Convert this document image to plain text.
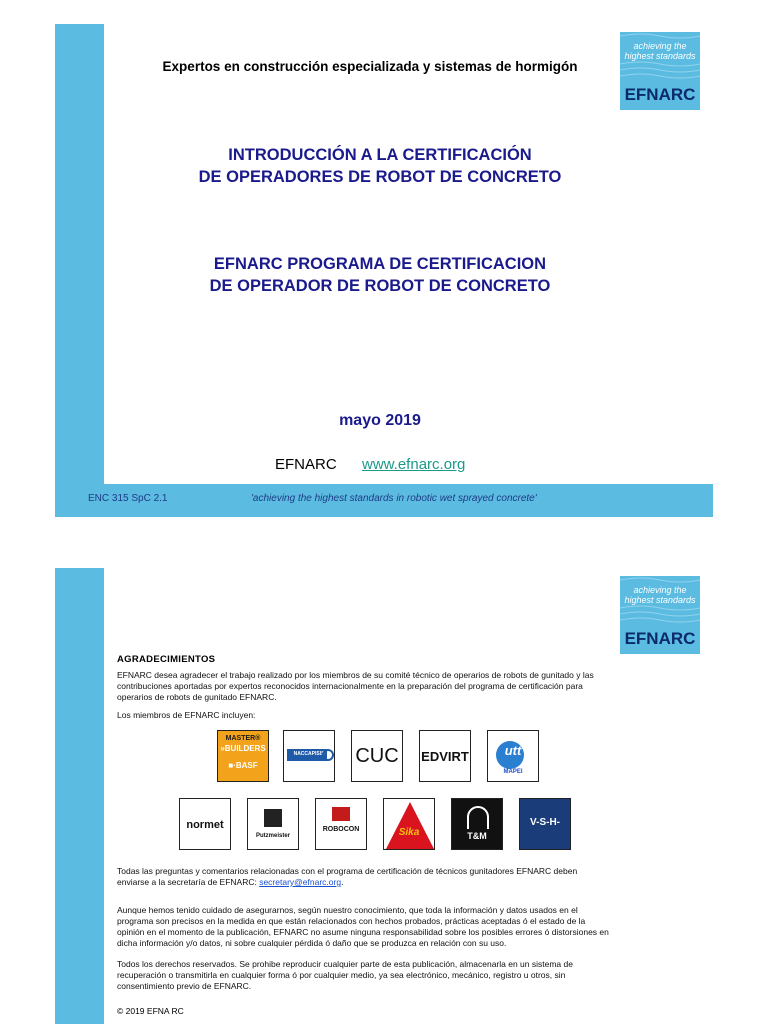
Expertos en construcción especializada y sistemas de hormigón
achieving the
highest standards
EFNARC
INTRODUCCIÓN A LA CERTIFICACIÓN
DE OPERADORES DE ROBOT DE CONCRETO
EFNARC PROGRAMA DE CERTIFICACION
DE OPERADOR DE ROBOT DE CONCRETO
mayo 2019
EFNARC www.efnarc.org
ENC 315 SpC 2.1	'achieving the highest standards in robotic wet sprayed concrete'
achieving the
highest standards
EFNARC
AGRADECIMIENTOS
EFNARC desea agradecer el trabajo realizado por los miembros de su comité técnico de operarios de robots de gunitado y las contribuciones aportadas por expertos reconocidos internacionalmente en la preparación del programa de certificación para operarios de robots de gunitado EFNARC.
Los miembros de EFNARC incluyen:
MASTER®
»BUILDERS
■·BASF
NACCAPISIS	CUC EDVIRT	utt
MAPEI
normet
Putzmeister
ROBOCON	Sika	T&M
V-S-H-
Todas las preguntas y comentarios relacionadas con el programa de certificación de técnicos gunitadores EFNARC deben enviarse a la secretaría de EFNARC: secretary@efnarc.org.
Aunque hemos tenido cuidado de asegurarnos, según nuestro conocimiento, que toda la información y datos usados en el programa son precisos en la medida en que están relacionados con hechos probados, prácticas aceptadas ó el estado de la opinión en el momento de la publicación, EFNARC no asume ninguna responsabilidad sobre los posibles errores ó distorsiones en dicha información y/o datos, ni sobre cualquier pérdida ó daño que se produzca en relación con su uso.
Todos los derechos reservados. Se prohibe reproducir cualquier parte de esta publicación, almacenarla en un sistema de recuperación o transmitirla en cualquier forma ó por cualquier medio, ya sea electrónico, mecánico, registro u otros, sin consentimiento previo de EFNARC.
© 2019 EFNA RC
